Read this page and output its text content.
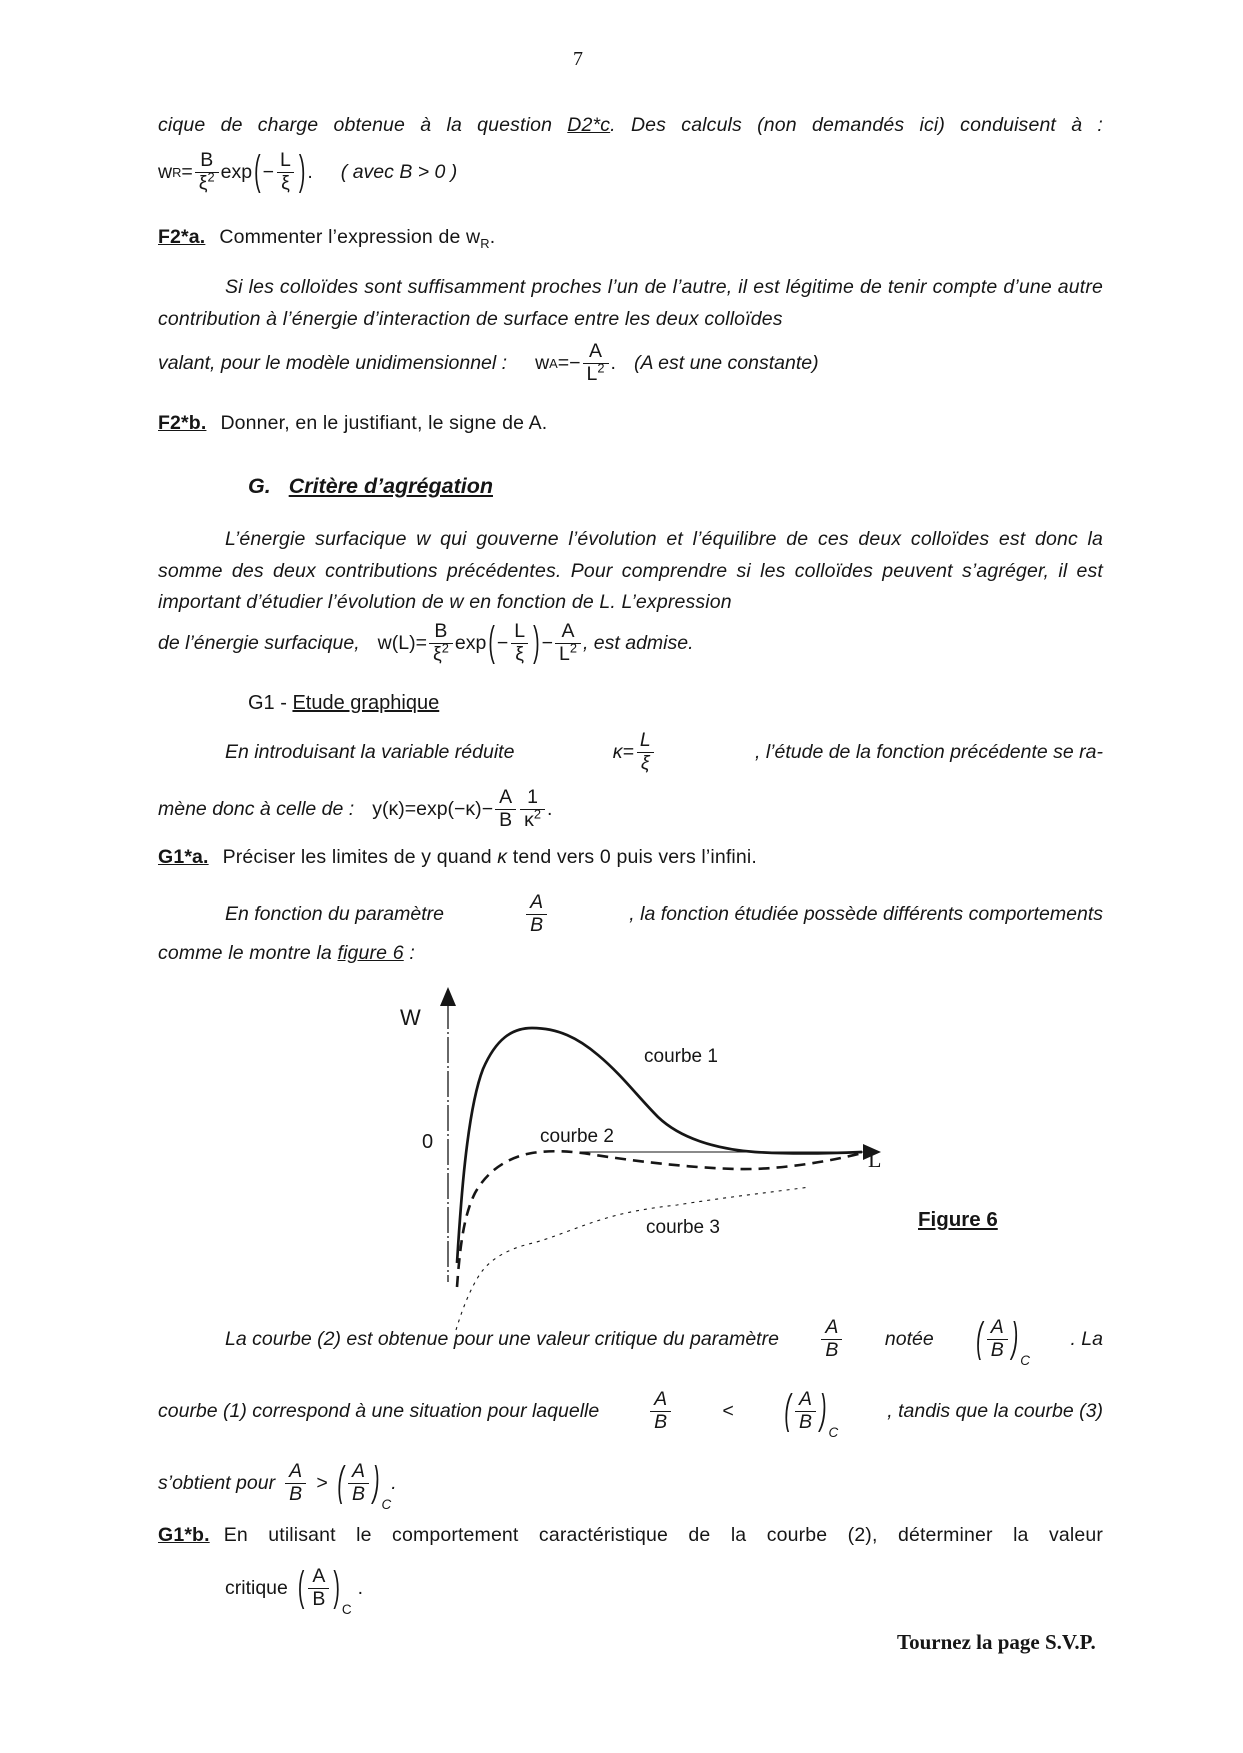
7
cique de charge obtenue à la question D2*c. Des calculs (non demandés ici) conduisent à :
w $R = \frac{B}{\xi^2}$ exp ( − $\frac{L}{\xi}$ ) . ( avec B > 0 )
F2*a. Commenter l’expression de $w_R$.
Si les colloïdes sont suffisamment proches l’un de l’autre, il est légitime de tenir compte d’une autre contribution à l’énergie d’interaction de surface entre les deux colloïdes
valant, pour le modèle unidimensionnel : w A = − $\frac{A}{L^2}$ . (A est une constante)
F2*b. Donner, en le justifiant, le signe de A.
G. Critère d’agrégation
L’énergie surfacique w qui gouverne l’évolution et l’équilibre de ces deux colloïdes est donc la somme des deux contributions précédentes. Pour comprendre si les colloïdes peuvent s’agréger, il est important d’étudier l’évolution de w en fonction de L. L’expression
de l’énergie surfacique, w $(L) = \frac{B}{\xi^2}$ exp ( − $\frac{L}{\xi}$ ) − $\frac{A}{L^2}$ , est admise.
G1 - Etude graphique
En introduisant la variable réduite	$\kappa = \frac{L}{\xi}$	, l’étude de la fonction précédente se ra-
mène donc à celle de : y $(\kappa) = \exp(-\kappa) - \frac{A}{B} \frac{1}{\kappa^2}$ .
G1*a. Préciser les limites de y quand κ tend vers 0 puis vers l’infini.
En fonction du paramètre	$\frac{A}{B}$	, la fonction étudiée possède différents comportements
comme le montre la figure 6 :
W
0
L
courbe 1
courbe 2
courbe 3	Figure 6
La courbe (2) est obtenue pour une valeur critique du paramètre $\frac{A}{B}$ notée ( $\frac{A}{B}$ ) C
. La
courbe (1) correspond à une situation pour laquelle	$\frac{A}{B}$	<	( $\frac{A}{B}$ ) C
, tandis que la courbe (3)
s’obtient pour $\frac{A}{B}$ > ( $\frac{A}{B}$ ) C
.
G1*b. En utilisant le comportement caractéristique de la courbe (2), déterminer la valeur
critique ( $\frac{A}{B}$ ) C
.
Tournez la page S.V.P.
